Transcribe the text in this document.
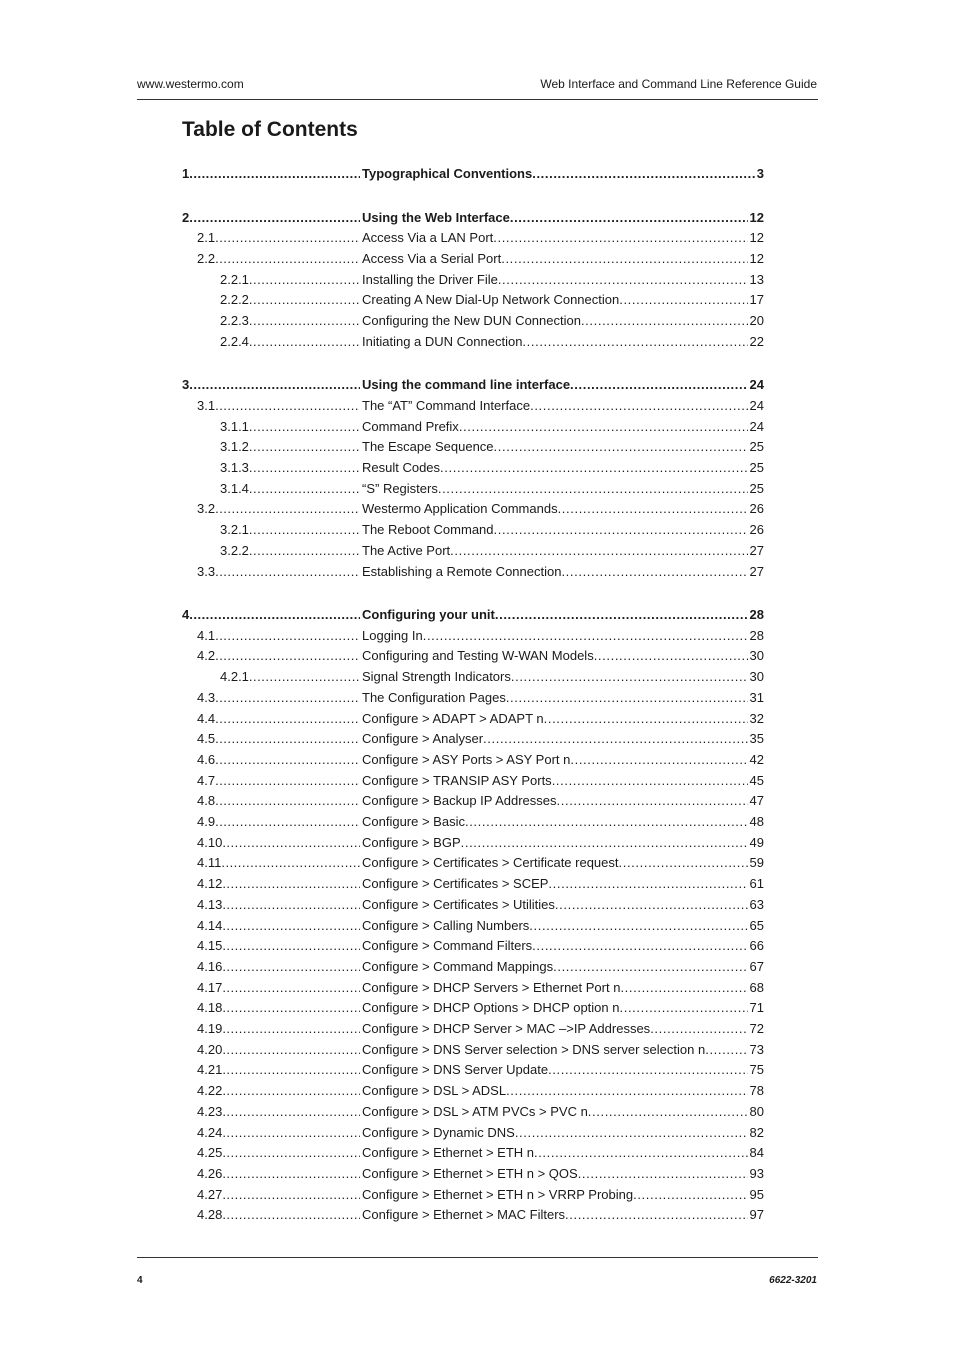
www.westermo.com	Web Interface and Command Line Reference Guide
Table of Contents
1 .....	Typographical Conventions . . .	3
2 .....	Using the Web Interface . . .	12
2.1 .....	Access Via a LAN Port . . .	12
2.2 .....	Access Via a Serial Port . . .	12
2.2.1 .....	Installing the Driver File . . .	13
2.2.2 .....	Creating A New Dial-Up Network Connection . . .	17
2.2.3 .....	Configuring the New DUN Connection . . .	20
2.2.4 .....	Initiating a DUN Connection . . .	22
3 .....	Using the command line interface . . .	24
3.1 .....	The “AT” Command Interface . . .	24
3.1.1 .....	Command Prefix . . .	24
3.1.2 .....	The Escape Sequence . . .	25
3.1.3 .....	Result Codes . . .	25
3.1.4 .....	“S” Registers . . .	25
3.2 .....	Westermo Application Commands . . .	26
3.2.1 .....	The Reboot Command . . .	26
3.2.2 .....	The Active Port . . .	27
3.3 .....	Establishing a Remote Connection . . .	27
4 .....	Configuring your unit . . .	28
4.1 .....	Logging In . . .	28
4.2 .....	Configuring and Testing W-WAN Models . . .	30
4.2.1 .....	Signal Strength Indicators . . .	30
4.3 .....	The Configuration Pages . . .	31
4.4 .....	Configure > ADAPT > ADAPT n . . .	32
4.5 .....	Configure > Analyser . . .	35
4.6 .....	Configure > ASY Ports > ASY Port n . . .	42
4.7 .....	Configure > TRANSIP ASY Ports . . .	45
4.8 .....	Configure > Backup IP Addresses . . .	47
4.9 .....	Configure > Basic . . .	48
4.10 .....	Configure > BGP . . .	49
4.11 .....	Configure > Certificates > Certificate request . . .	59
4.12 .....	Configure > Certificates > SCEP . . .	61
4.13 .....	Configure > Certificates > Utilities . . .	63
4.14 .....	Configure > Calling Numbers . . .	65
4.15 .....	Configure > Command Filters . . .	66
4.16 .....	Configure > Command Mappings . . .	67
4.17 .....	Configure > DHCP Servers > Ethernet Port n . . .	68
4.18 .....	Configure > DHCP Options > DHCP option n . . .	71
4.19 .....	Configure > DHCP Server > MAC –>IP Addresses . . .	72
4.20 .....	Configure > DNS Server selection > DNS server selection n . . .	73
4.21 .....	Configure > DNS Server Update . . .	75
4.22 .....	Configure > DSL > ADSL . . .	78
4.23 .....	Configure > DSL > ATM PVCs > PVC n . . .	80
4.24 .....	Configure > Dynamic DNS . . .	82
4.25 .....	Configure > Ethernet > ETH n . . .	84
4.26 .....	Configure > Ethernet > ETH n > QOS . . .	93
4.27 .....	Configure > Ethernet > ETH n > VRRP Probing . . .	95
4.28 .....	Configure > Ethernet > MAC Filters . . .	97
4	6622-3201
